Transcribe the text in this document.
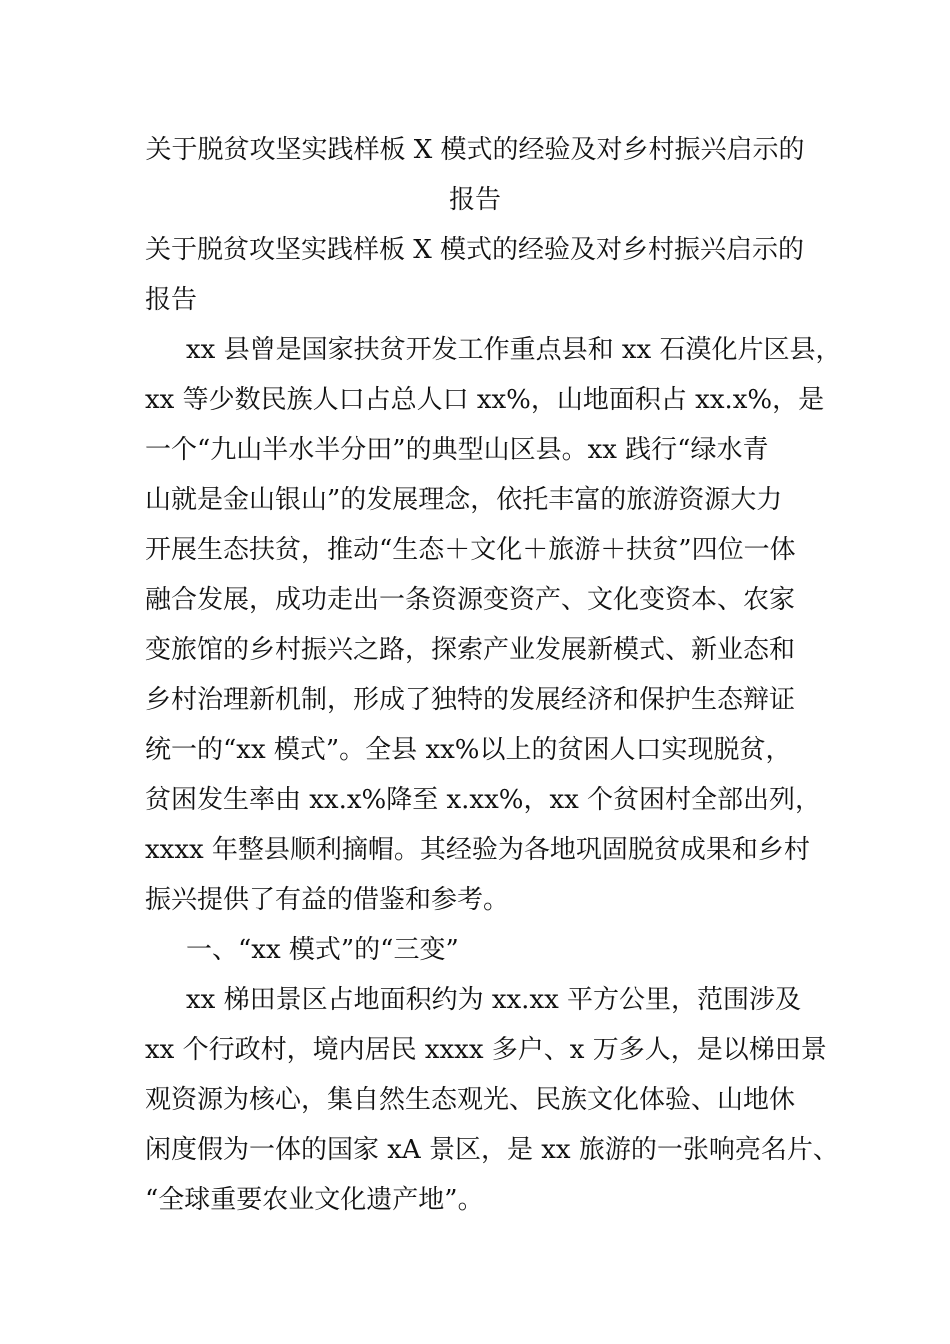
关于脱贫攻坚实践样板 X 模式的经验及对乡村振兴启示的
报告
关于脱贫攻坚实践样板 X 模式的经验及对乡村振兴启示的
报告
xx 县曾是国家扶贫开发工作重点县和 xx 石漠化片区县，
xx 等少数民族人口占总人口 xx%，山地面积占 xx.x%，是
一个“九山半水半分田”的典型山区县。xx 践行“绿水青
山就是金山银山”的发展理念，依托丰富的旅游资源大力
开展生态扶贫，推动“生态＋文化＋旅游＋扶贫”四位一体
融合发展，成功走出一条资源变资产、文化变资本、农家
变旅馆的乡村振兴之路，探索产业发展新模式、新业态和
乡村治理新机制，形成了独特的发展经济和保护生态辩证
统一的“xx 模式”。全县 xx%以上的贫困人口实现脱贫，
贫困发生率由 xx.x%降至 x.xx%，xx 个贫困村全部出列，
xxxx 年整县顺利摘帽。其经验为各地巩固脱贫成果和乡村
振兴提供了有益的借鉴和参考。
一、“xx 模式”的“三变”
xx 梯田景区占地面积约为 xx.xx 平方公里，范围涉及
xx 个行政村，境内居民 xxxx 多户、x 万多人，是以梯田景
观资源为核心，集自然生态观光、民族文化体验、山地休
闲度假为一体的国家 xA 景区，是 xx 旅游的一张响亮名片、
“全球重要农业文化遗产地”。
